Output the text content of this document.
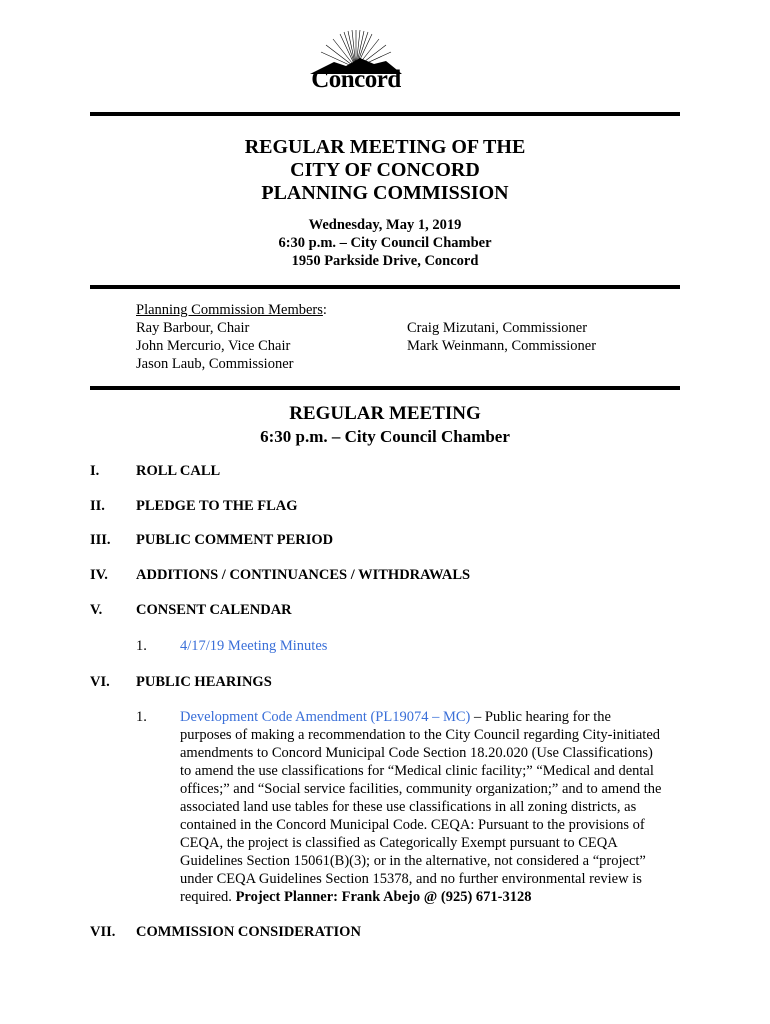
Concord
REGULAR MEETING OF THE
CITY OF CONCORD
PLANNING COMMISSION
Wednesday, May 1, 2019
6:30 p.m. – City Council Chamber
1950 Parkside Drive, Concord
Planning Commission Members:
Ray Barbour, Chair
John Mercurio, Vice Chair
Jason Laub, Commissioner
Craig Mizutani, Commissioner
Mark Weinmann, Commissioner
REGULAR MEETING
6:30 p.m. – City Council Chamber
I.	ROLL CALL
II. PLEDGE TO THE FLAG
III. PUBLIC COMMENT PERIOD
IV. ADDITIONS / CONTINUANCES / WITHDRAWALS
V. CONSENT CALENDAR
1. 4/17/19 Meeting Minutes
VI. PUBLIC HEARINGS
1. Development Code Amendment (PL19074 – MC) – Public hearing for the
purposes of making a recommendation to the City Council regarding City-initiated
amendments to Concord Municipal Code Section 18.20.020 (Use Classifications)
to amend the use classifications for “Medical clinic facility;” “Medical and dental
offices;” and “Social service facilities, community organization;” and to amend the
associated land use tables for these use classifications in all zoning districts, as
contained in the Concord Municipal Code. CEQA: Pursuant to the provisions of
CEQA, the project is classified as Categorically Exempt pursuant to CEQA
Guidelines Section 15061(B)(3); or in the alternative, not considered a “project”
under CEQA Guidelines Section 15378, and no further environmental review is
required. Project Planner: Frank Abejo @ (925) 671-3128
VII. COMMISSION CONSIDERATION
